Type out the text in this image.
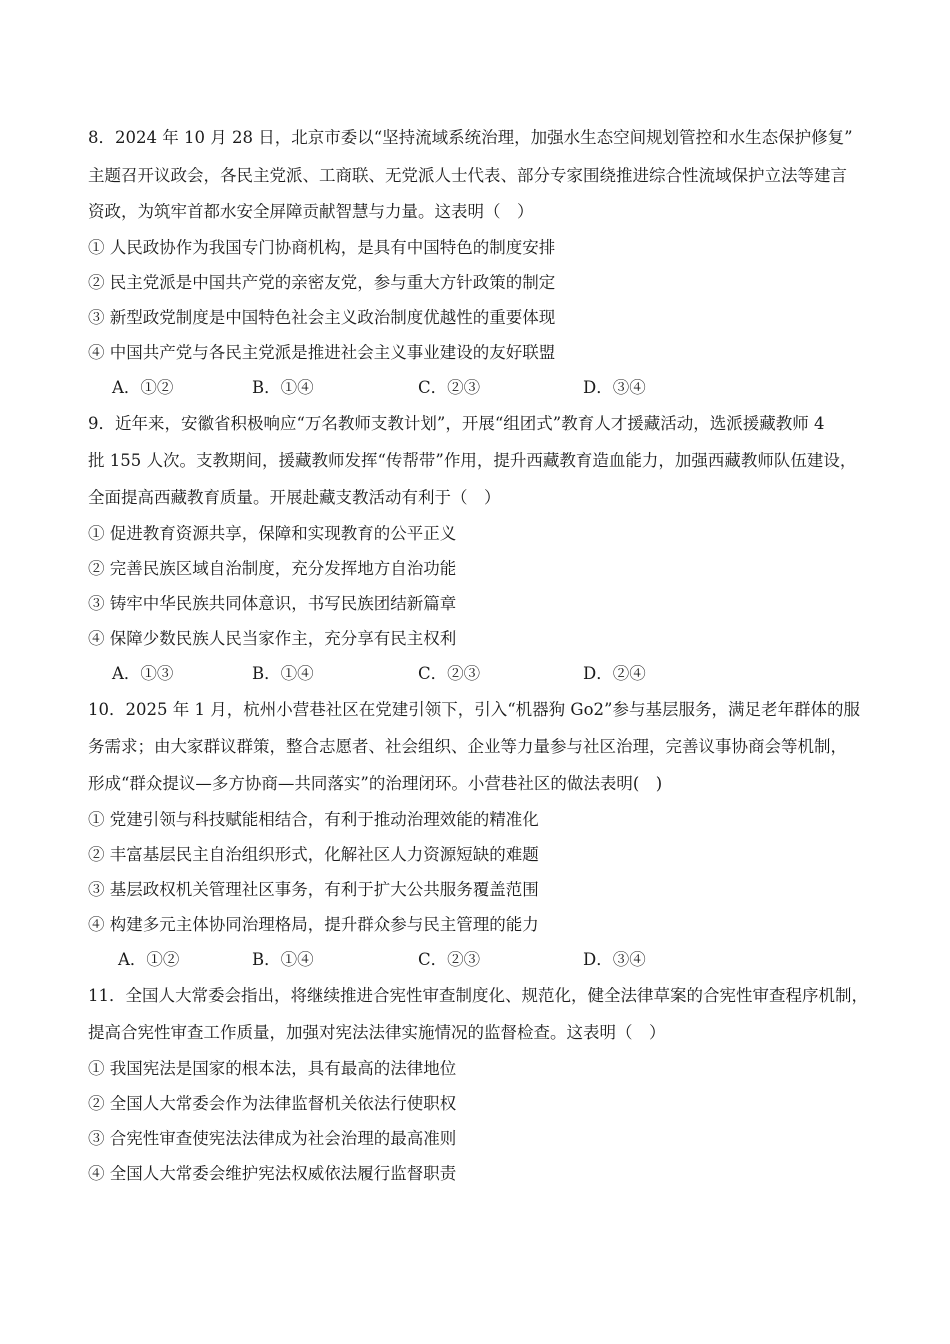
8．2024 年 10 月 28 日，北京市委以“坚持流域系统治理，加强水生态空间规划管控和水生态保护修复”
主题召开议政会，各民主党派、工商联、无党派人士代表、部分专家围绕推进综合性流域保护立法等建言
资政，为筑牢首都水安全屏障贡献智慧与力量。这表明（　）
① 人民政协作为我国专门协商机构，是具有中国特色的制度安排
② 民主党派是中国共产党的亲密友党，参与重大方针政策的制定
③ 新型政党制度是中国特色社会主义政治制度优越性的重要体现
④ 中国共产党与各民主党派是推进社会主义事业建设的友好联盟
A．①②	B．①④	C．②③	D．③④
9．近年来，安徽省积极响应“万名教师支教计划”，开展“组团式”教育人才援藏活动，选派援藏教师 4
批 155 人次。支教期间，援藏教师发挥“传帮带”作用，提升西藏教育造血能力，加强西藏教师队伍建设，
全面提高西藏教育质量。开展赴藏支教活动有利于（　）
① 促进教育资源共享，保障和实现教育的公平正义
② 完善民族区域自治制度，充分发挥地方自治功能
③ 铸牢中华民族共同体意识，书写民族团结新篇章
④ 保障少数民族人民当家作主，充分享有民主权利
A．①③	B．①④	C．②③	D．②④
10．2025 年 1 月，杭州小营巷社区在党建引领下，引入“机器狗 Go2”参与基层服务，满足老年群体的服
务需求；由大家群议群策，整合志愿者、社会组织、企业等力量参与社区治理，完善议事协商会等机制，
形成“群众提议—多方协商—共同落实”的治理闭环。小营巷社区的做法表明(　)
① 党建引领与科技赋能相结合，有利于推动治理效能的精准化
② 丰富基层民主自治组织形式，化解社区人力资源短缺的难题
③ 基层政权机关管理社区事务，有利于扩大公共服务覆盖范围
④ 构建多元主体协同治理格局，提升群众参与民主管理的能力
A．①②	B．①④	C．②③	D．③④
11．全国人大常委会指出，将继续推进合宪性审查制度化、规范化，健全法律草案的合宪性审查程序机制，
提高合宪性审查工作质量，加强对宪法法律实施情况的监督检查。这表明（　）
① 我国宪法是国家的根本法，具有最高的法律地位
② 全国人大常委会作为法律监督机关依法行使职权
③ 合宪性审查使宪法法律成为社会治理的最高准则
④ 全国人大常委会维护宪法权威依法履行监督职责
